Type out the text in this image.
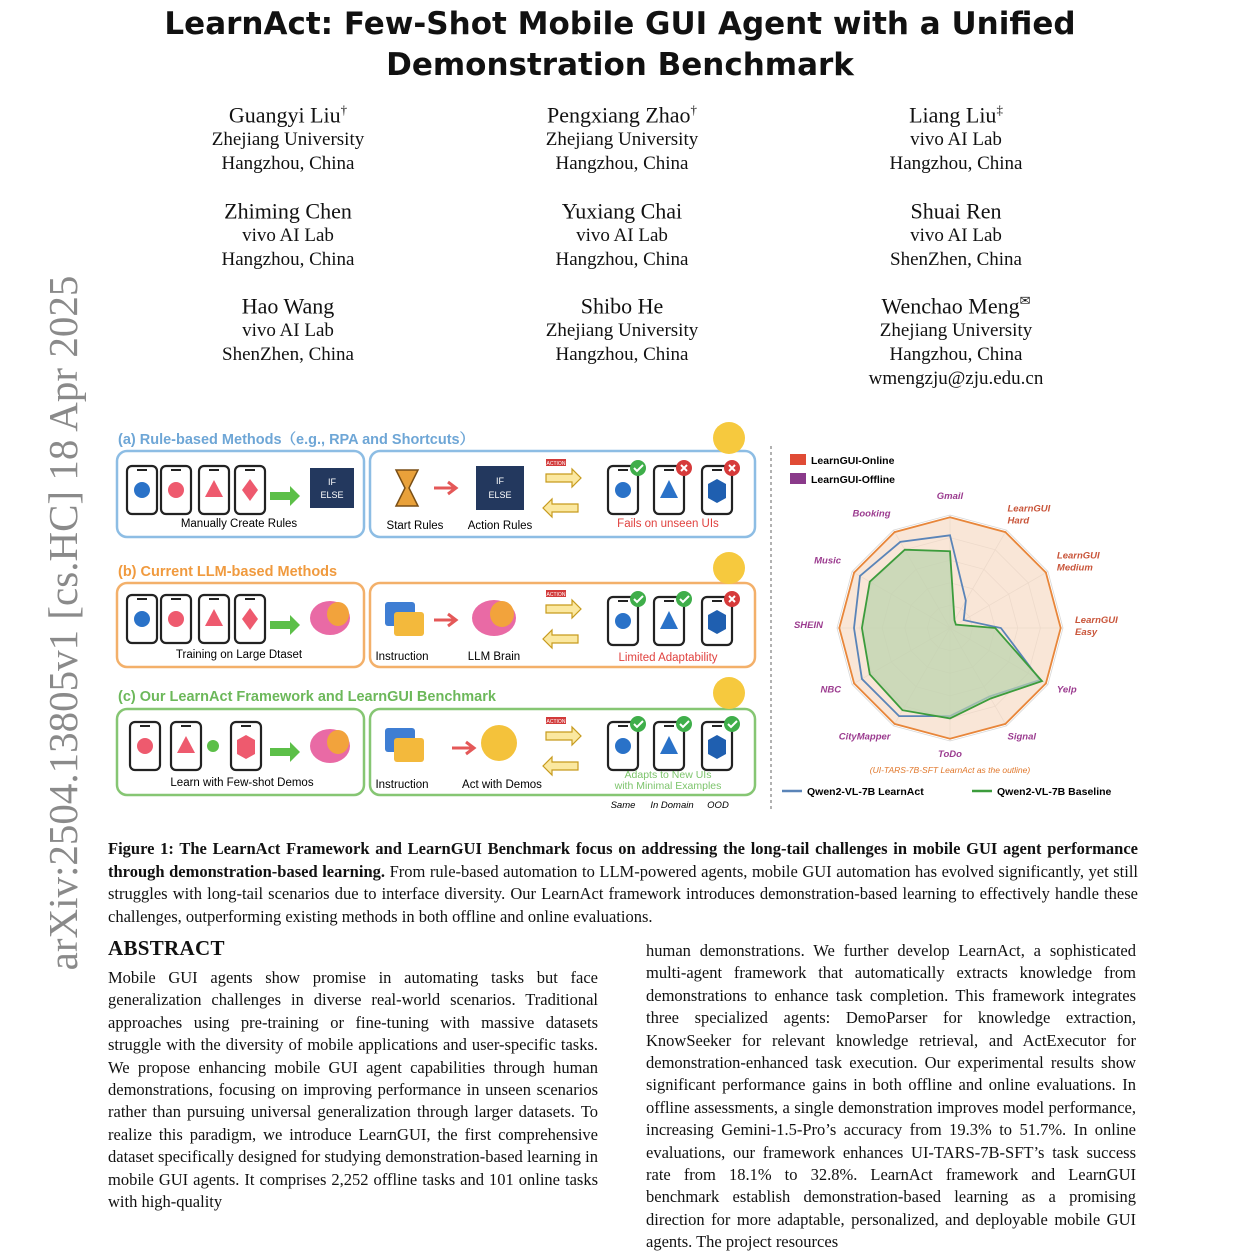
LearnAct: Few-Shot Mobile GUI Agent with a Unified
Demonstration Benchmark
arXiv:2504.13805v1 [cs.HC] 18 Apr 2025
Guangyi Liu†
Zhejiang University
Hangzhou, China
Pengxiang Zhao†
Zhejiang University
Hangzhou, China
Liang Liu‡
vivo AI Lab
Hangzhou, China
Zhiming Chen
vivo AI Lab
Hangzhou, China
Yuxiang Chai
vivo AI Lab
Hangzhou, China
Shuai Ren
vivo AI Lab
ShenZhen, China
Hao Wang
vivo AI Lab
ShenZhen, China
Shibo He
Zhejiang University
Hangzhou, China
Wenchao Meng✉
Zhejiang University
Hangzhou, China
wmengzju@zju.edu.cn
(a) Rule-based Methods（e.g., RPA and Shortcuts）
IF
ELSE
Manually Create Rules	Start Rules
IF
ELSE
Action Rules
ACTION
Fails on unseen UIs
(b) Current LLM-based Methods
Training on Large Dtaset	Instruction	LLM Brain
ACTION
Limited Adaptability
(c) Our LearnAct Framework and LearnGUI Benchmark
Learn with Few-shot Demos	Instruction	Act with Demos
ACTION
Adapts to New UIs
with Minimal Examples
Same In Domain OOD
Gmail
LearnGUI
Hard
LearnGUI
Medium
LearnGUI
Easy
Yelp
Signal
ToDo
CityMapper
NBC
SHEIN
Music
Booking
LearnGUI-Online
LearnGUI-Offline
(UI-TARS-7B-SFT LearnAct as the outline)
Qwen2-VL-7B LearnAct	Qwen2-VL-7B Baseline
Figure 1: The LearnAct Framework and LearnGUI Benchmark focus on addressing the long-tail challenges in mobile GUI agent performance through demonstration-based learning. From rule-based automation to LLM-powered agents, mobile GUI automation has evolved significantly, yet still struggles with long-tail scenarios due to interface diversity. Our LearnAct framework introduces demonstration-based learning to effectively handle these challenges, outperforming existing methods in both offline and online evaluations.
ABSTRACT
Mobile GUI agents show promise in automating tasks but face generalization challenges in diverse real-world scenarios. Traditional approaches using pre-training or fine-tuning with massive datasets struggle with the diversity of mobile applications and user-specific tasks. We propose enhancing mobile GUI agent capabilities through human demonstrations, focusing on improving performance in unseen scenarios rather than pursuing universal generalization through larger datasets. To realize this paradigm, we introduce LearnGUI, the first comprehensive dataset specifically designed for studying demonstration-based learning in mobile GUI agents. It comprises 2,252 offline tasks and 101 online tasks with high-quality
human demonstrations. We further develop LearnAct, a sophisticated multi-agent framework that automatically extracts knowledge from demonstrations to enhance task completion. This framework integrates three specialized agents: DemoParser for knowledge extraction, KnowSeeker for relevant knowledge retrieval, and ActExecutor for demonstration-enhanced task execution. Our experimental results show significant performance gains in both offline and online evaluations. In offline assessments, a single demonstration improves model performance, increasing Gemini-1.5-Pro’s accuracy from 19.3% to 51.7%. In online evaluations, our framework enhances UI-TARS-7B-SFT’s task success rate from 18.1% to 32.8%. LearnAct framework and LearnGUI benchmark establish demonstration-based learning as a promising direction for more adaptable, personalized, and deployable mobile GUI agents. The project resources
